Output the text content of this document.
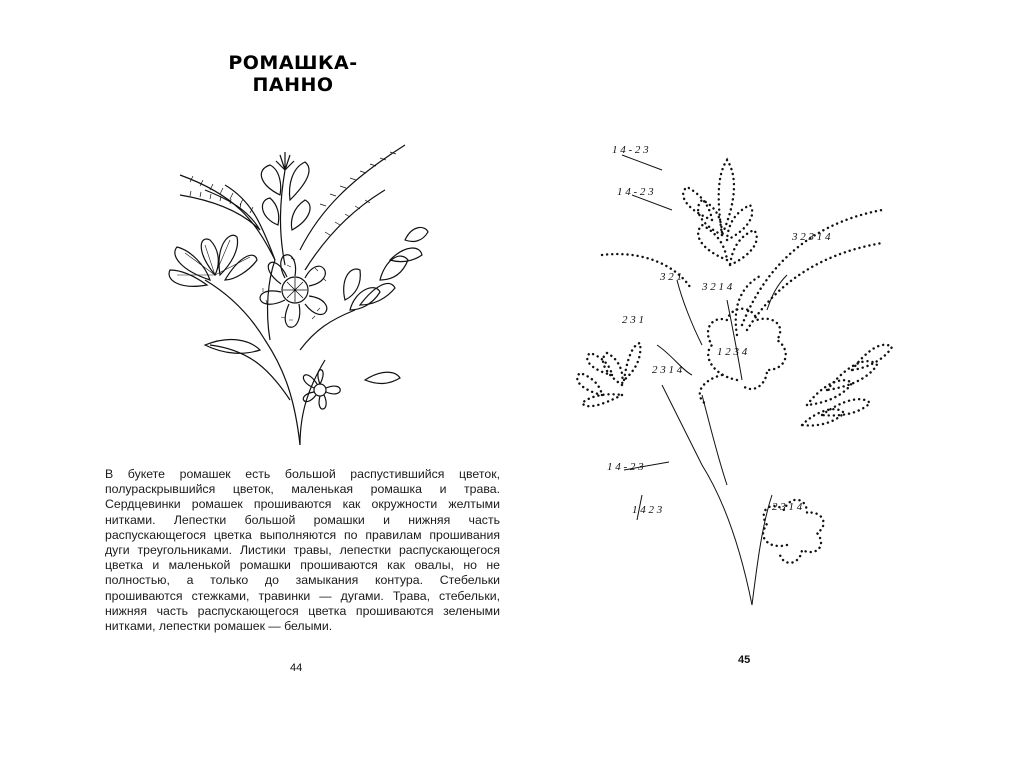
РОМАШКА-ПАННО

В букете ромашек есть большой распустившийся цветок, полураскрывшийся цветок, маленькая ромашка и трава. Сердцевинки ромашек прошиваются как окружности желтыми нитками. Лепестки большой ромашки и нижняя часть распускающегося цветка выполняются по правилам прошивания дуги треугольниками. Листики травы, лепестки распускающегося цветка и маленькой ромашки прошиваются как овалы, но не полностью, а только до замыкания контура. Стебельки прошиваются стежками, травинки — дугами. Трава, стебельки, нижняя часть распускающегося цветка прошиваются зелеными нитками, лепестки ромашек — белыми.

44
1 4 - 2 3
1 4 - 2 3
3 2 1
3 2 1 4
3 2 3 1 4
1 2 3 4
2 3 1
2 3 1 4
1 4 - 2 3
1 4 2 3	2 3 1 4
45
